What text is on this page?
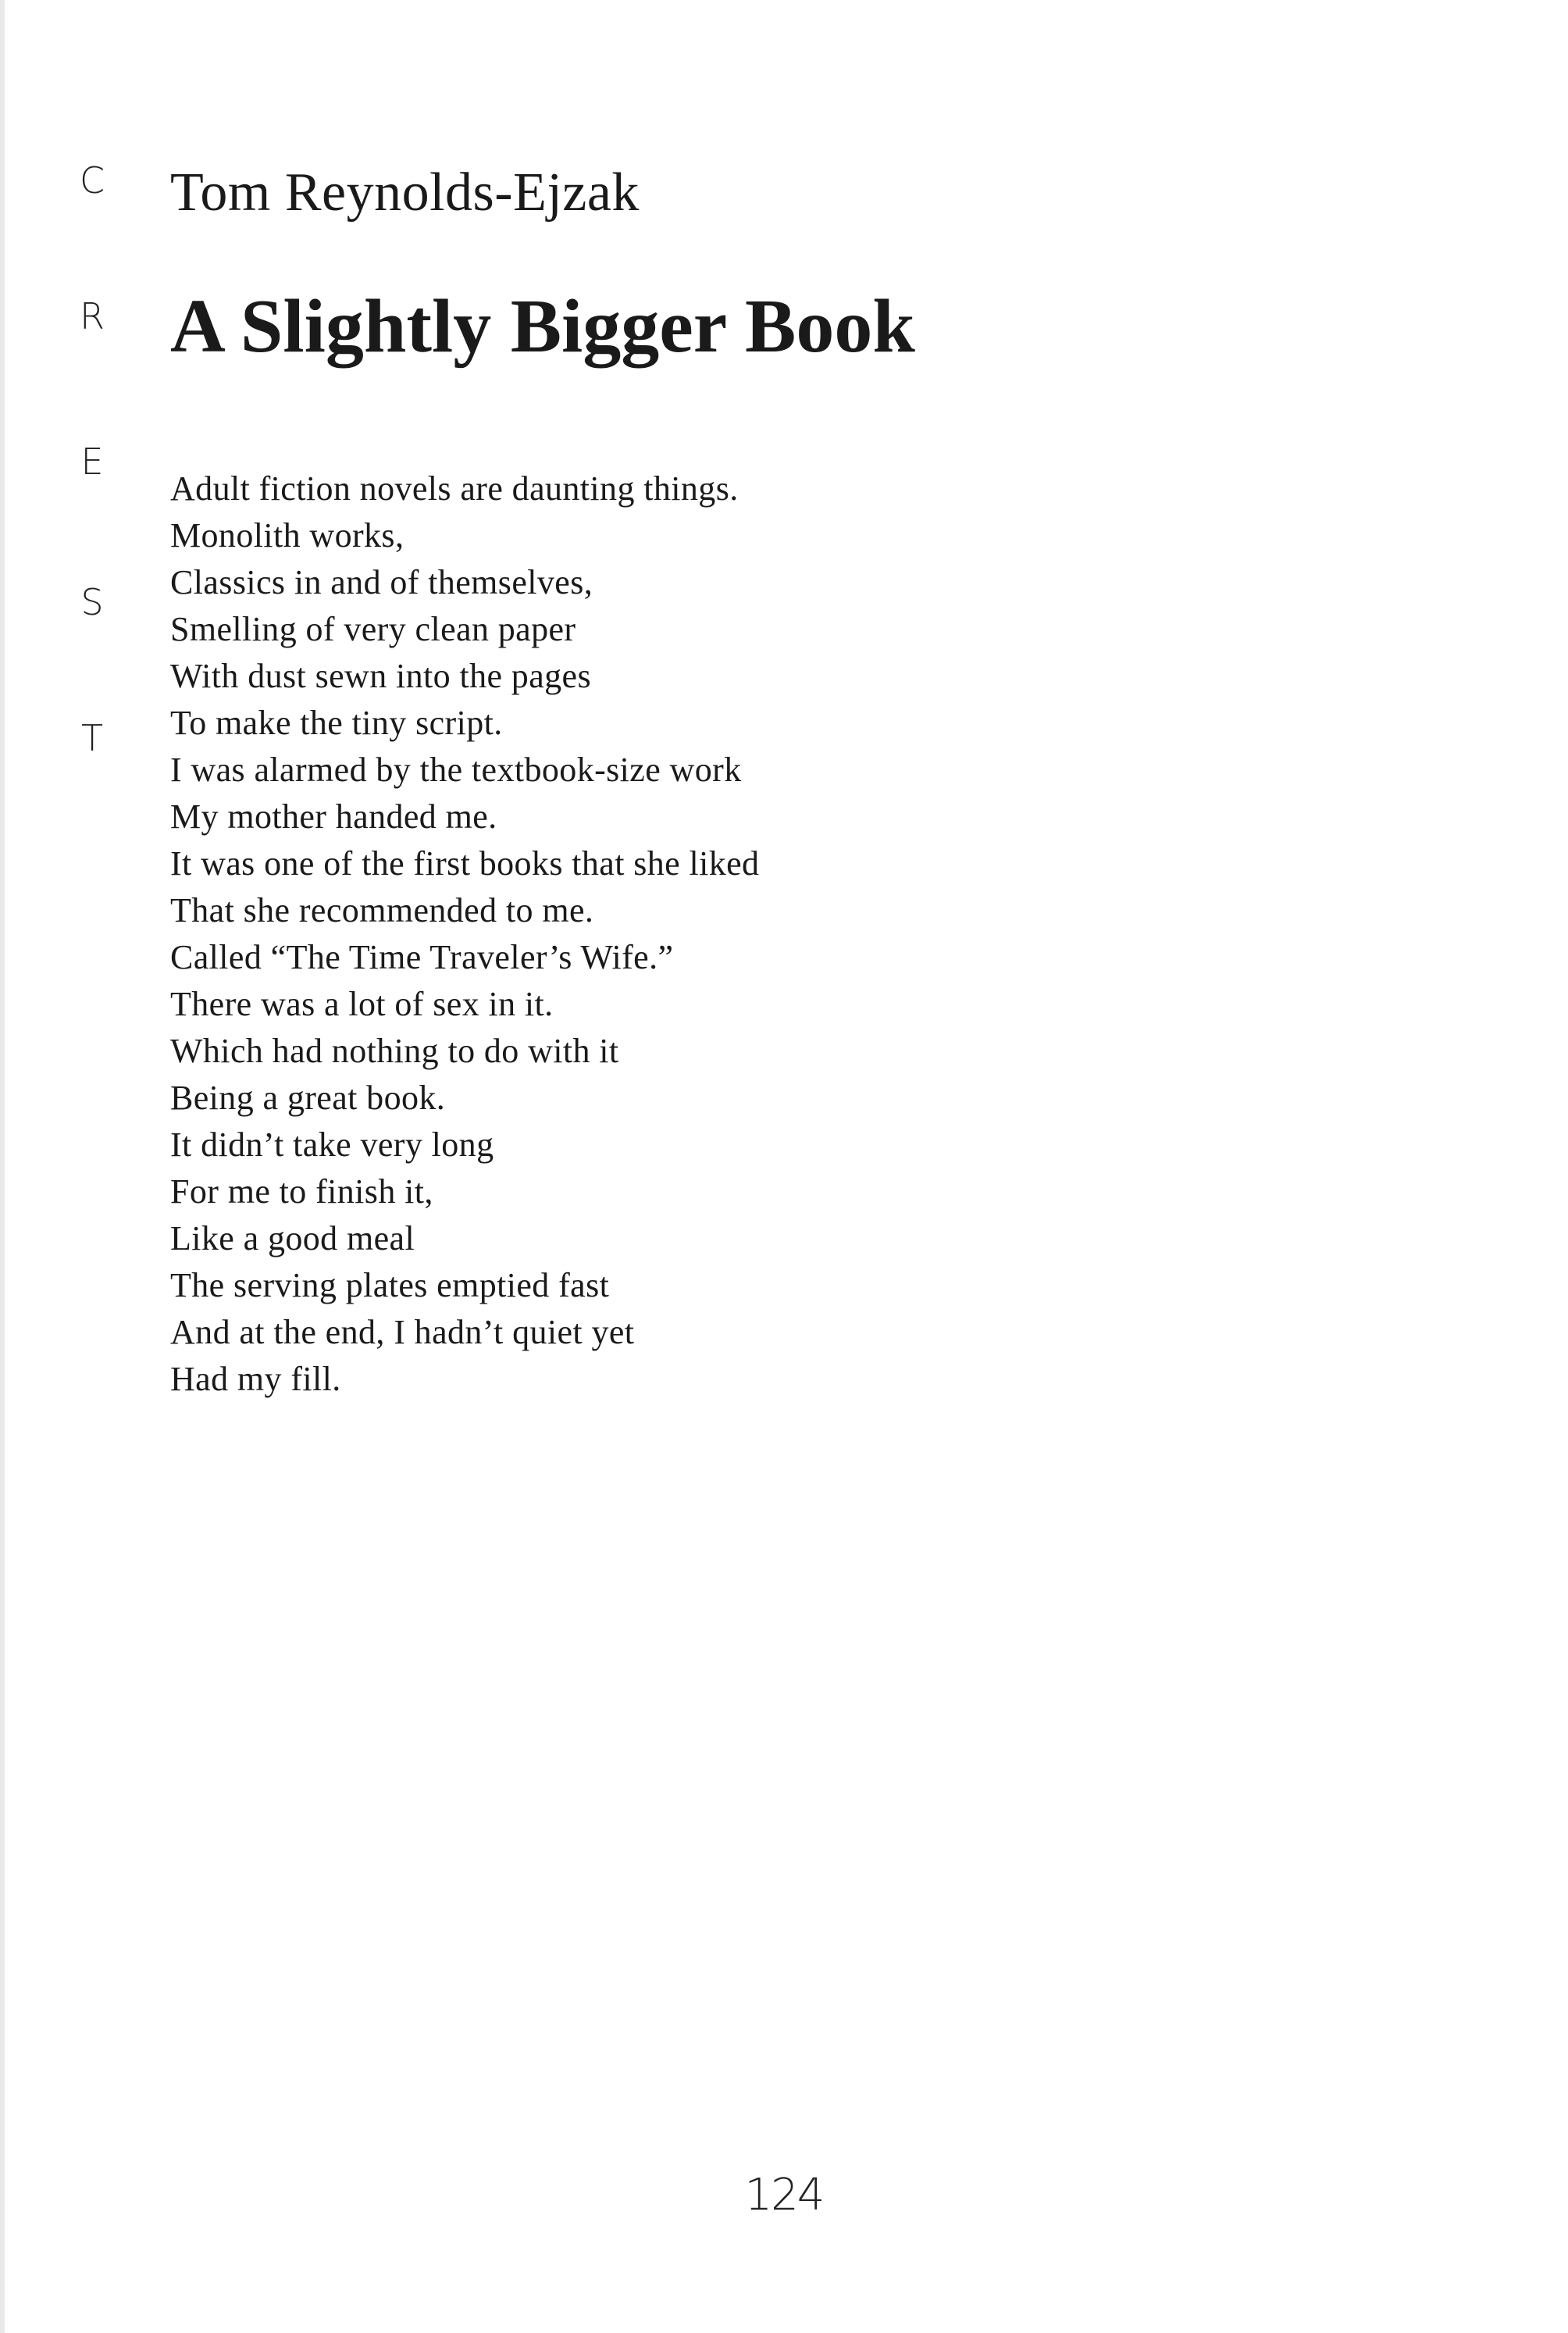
C
R
E
S
T
Tom Reynolds-Ejzak
A Slightly Bigger Book
Adult fiction novels are daunting things.
Monolith works,
Classics in and of themselves,
Smelling of very clean paper
With dust sewn into the pages
To make the tiny script.
I was alarmed by the textbook-size work
My mother handed me.
It was one of the first books that she liked
That she recommended to me.
Called “The Time Traveler’s Wife.”
There was a lot of sex in it.
Which had nothing to do with it
Being a great book.
It didn’t take very long
For me to finish it,
Like a good meal
The serving plates emptied fast
And at the end, I hadn’t quiet yet
Had my fill.
124
